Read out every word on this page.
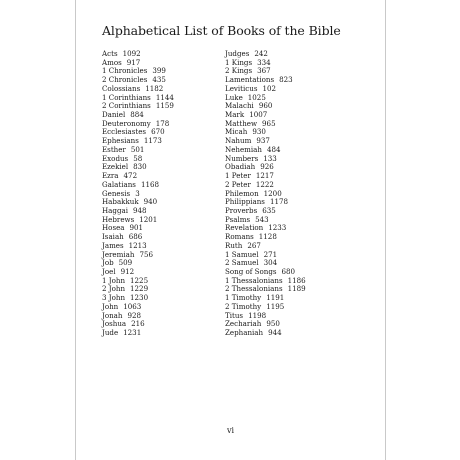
Alphabetical List of Books of the Bible
Acts 1092
Amos 917
1 Chronicles 399
2 Chronicles 435
Colossians 1182
1 Corinthians 1144
2 Corinthians 1159
Daniel 884
Deuteronomy 178
Ecclesiastes 670
Ephesians 1173
Esther 501
Exodus 58
Ezekiel 830
Ezra 472
Galatians 1168
Genesis 3
Habakkuk 940
Haggai 948
Hebrews 1201
Hosea 901
Isaiah 686
James 1213
Jeremiah 756
Job 509
Joel 912
1 John 1225
2 John 1229
3 John 1230
John 1063
Jonah 928
Joshua 216
Jude 1231
Judges 242
1 Kings 334
2 Kings 367
Lamentations 823
Leviticus 102
Luke 1025
Malachi 960
Mark 1007
Matthew 965
Micah 930
Nahum 937
Nehemiah 484
Numbers 133
Obadiah 926
1 Peter 1217
2 Peter 1222
Philemon 1200
Philippians 1178
Proverbs 635
Psalms 543
Revelation 1233
Romans 1128
Ruth 267
1 Samuel 271
2 Samuel 304
Song of Songs 680
1 Thessalonians 1186
2 Thessalonians 1189
1 Timothy 1191
2 Timothy 1195
Titus 1198
Zechariah 950
Zephaniah 944
vi
